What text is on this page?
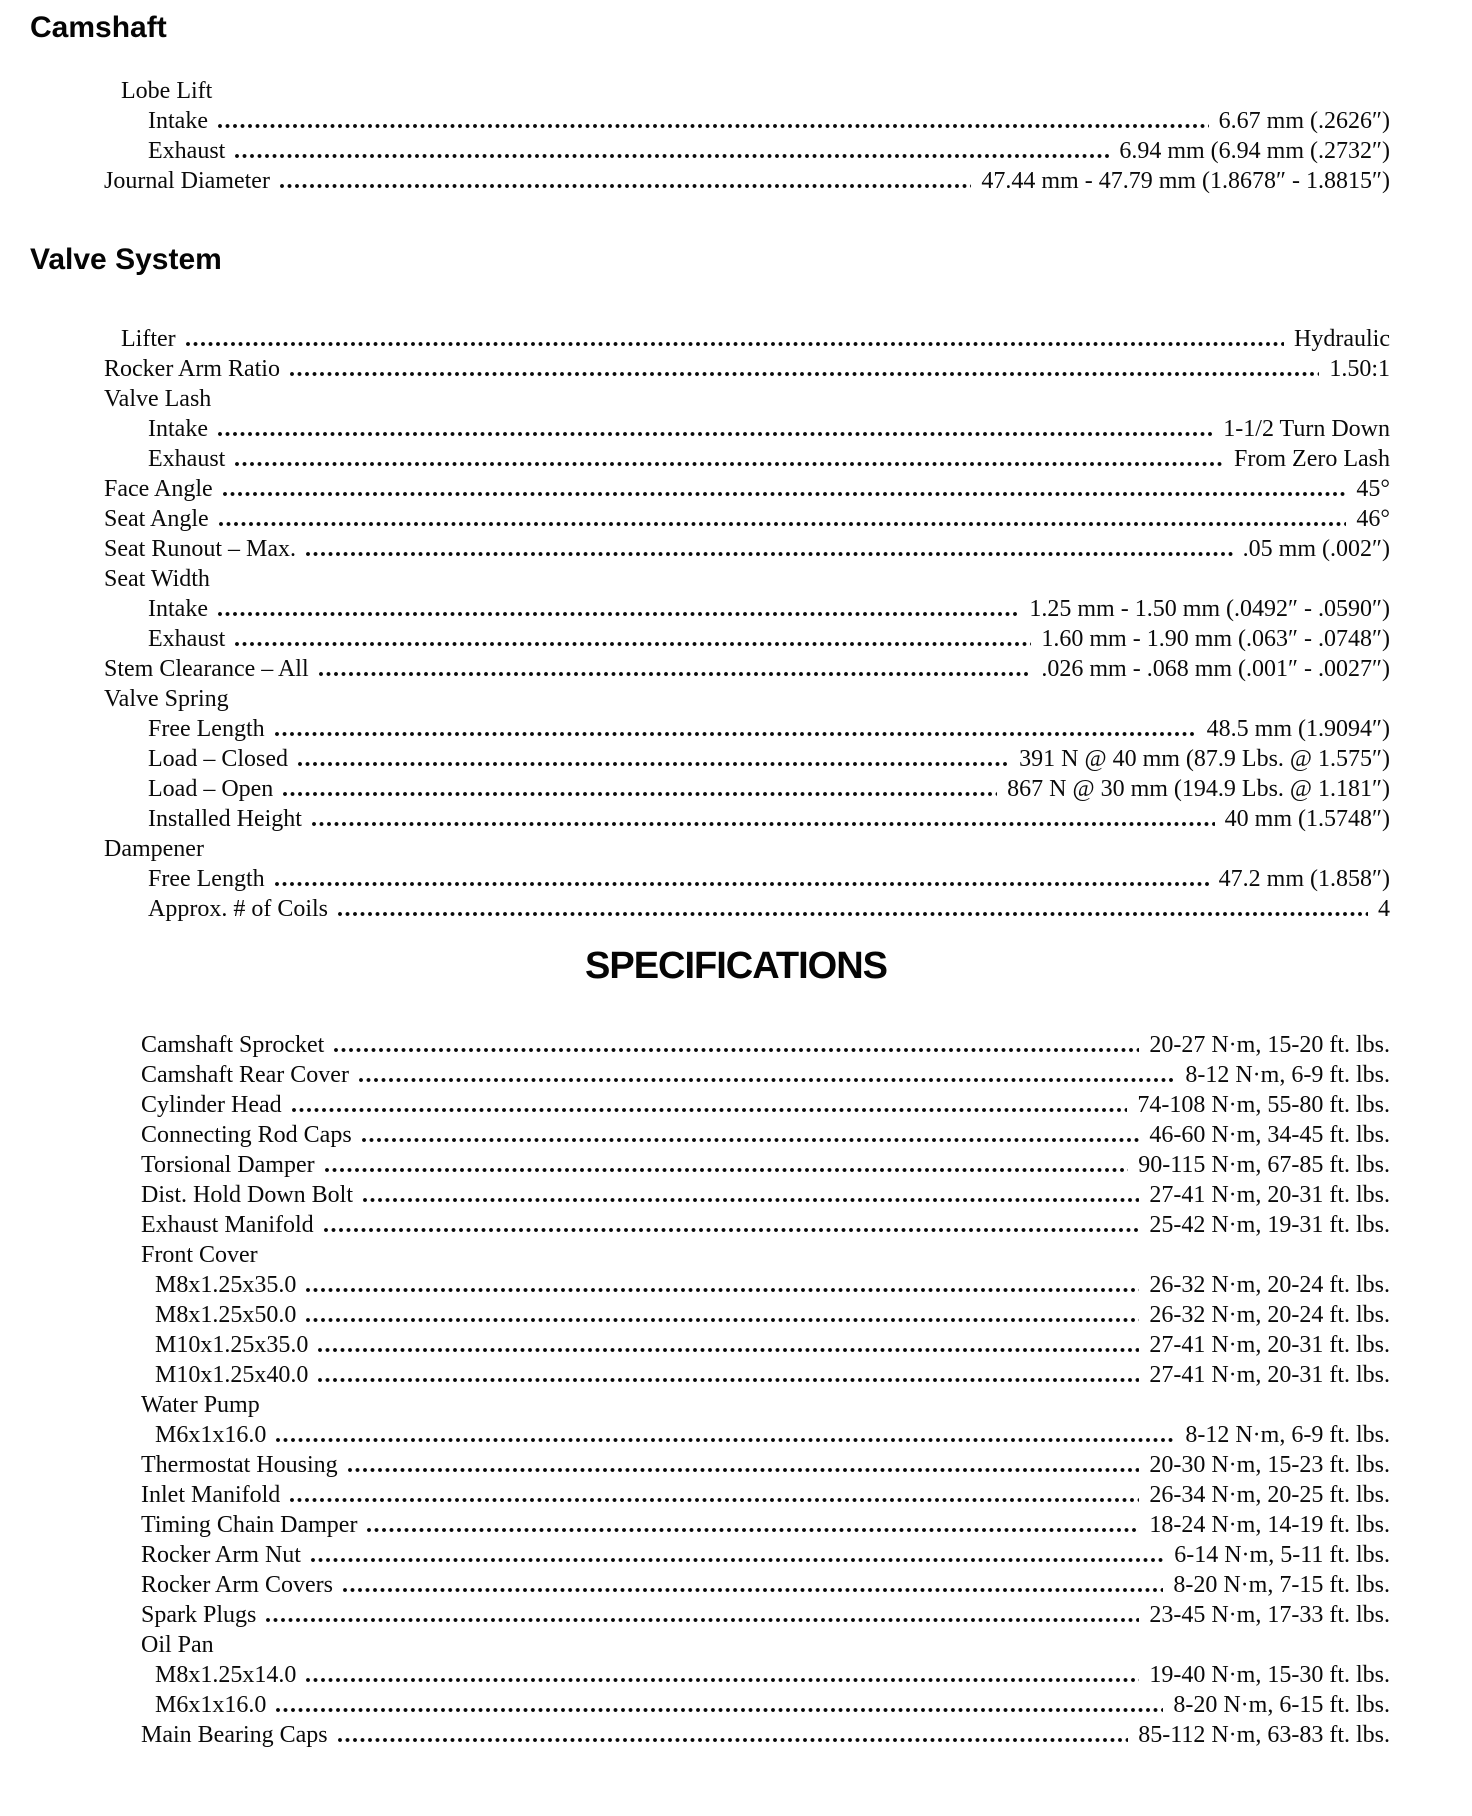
Camshaft
Lobe Lift
Intake	6.67 mm (.2626″)
Exhaust	6.94 mm (6.94 mm (.2732″)
Journal Diameter	47.44 mm - 47.79 mm (1.8678″ - 1.8815″)
Valve System
Lifter	Hydraulic
Rocker Arm Ratio	1.50:1
Valve Lash
Intake	1-1/2 Turn Down
Exhaust	From Zero Lash
Face Angle	45°
Seat Angle	46°
Seat Runout – Max.	.05 mm (.002″)
Seat Width
Intake	1.25 mm - 1.50 mm (.0492″ - .0590″)
Exhaust	1.60 mm - 1.90 mm (.063″ - .0748″)
Stem Clearance – All	.026 mm - .068 mm (.001″ - .0027″)
Valve Spring
Free Length	48.5 mm (1.9094″)
Load – Closed	391 N @ 40 mm (87.9 Lbs. @ 1.575″)
Load – Open	867 N @ 30 mm (194.9 Lbs. @ 1.181″)
Installed Height	40 mm (1.5748″)
Dampener
Free Length	47.2 mm (1.858″)
Approx. # of Coils	4
SPECIFICATIONS
Camshaft Sprocket	20-27 N·m, 15-20 ft. lbs.
Camshaft Rear Cover	8-12 N·m, 6-9 ft. lbs.
Cylinder Head	74-108 N·m, 55-80 ft. lbs.
Connecting Rod Caps	46-60 N·m, 34-45 ft. lbs.
Torsional Damper	90-115 N·m, 67-85 ft. lbs.
Dist. Hold Down Bolt	27-41 N·m, 20-31 ft. lbs.
Exhaust Manifold	25-42 N·m, 19-31 ft. lbs.
Front Cover
M8x1.25x35.0	26-32 N·m, 20-24 ft. lbs.
M8x1.25x50.0	26-32 N·m, 20-24 ft. lbs.
M10x1.25x35.0	27-41 N·m, 20-31 ft. lbs.
M10x1.25x40.0	27-41 N·m, 20-31 ft. lbs.
Water Pump
M6x1x16.0	8-12 N·m, 6-9 ft. lbs.
Thermostat Housing	20-30 N·m, 15-23 ft. lbs.
Inlet Manifold	26-34 N·m, 20-25 ft. lbs.
Timing Chain Damper	18-24 N·m, 14-19 ft. lbs.
Rocker Arm Nut	6-14 N·m, 5-11 ft. lbs.
Rocker Arm Covers	8-20 N·m, 7-15 ft. lbs.
Spark Plugs	23-45 N·m, 17-33 ft. lbs.
Oil Pan
M8x1.25x14.0	19-40 N·m, 15-30 ft. lbs.
M6x1x16.0	8-20 N·m, 6-15 ft. lbs.
Main Bearing Caps	85-112 N·m, 63-83 ft. lbs.
